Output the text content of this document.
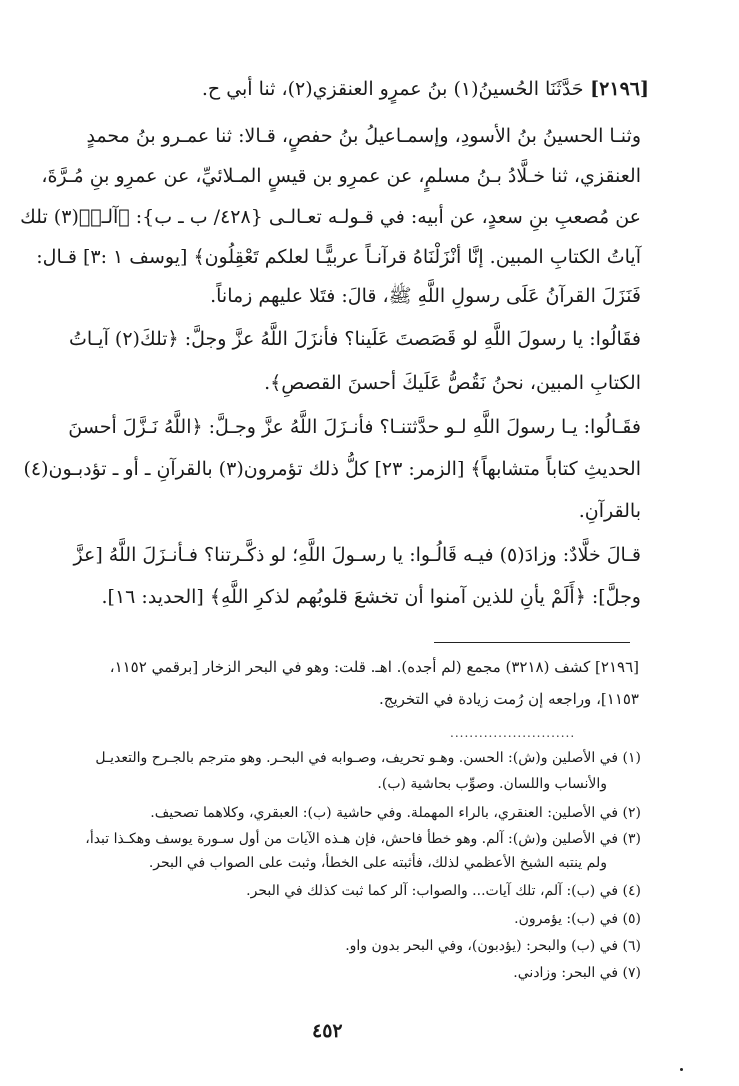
[٢١٩٦] حَدَّثَنَا الحُسينُ(١) بنُ عمرٍو العنقزي(٢)، ثنا أبي ح.
وثنـا الحسينُ بنُ الأسودِ، وإسمـاعيلُ بنُ حفصٍ، قـالا: ثنا عمـرو بنُ محمدٍ
العنقزي، ثنا خـلَّادُ بـنُ مسلمٍ، عن عمرِو بن قيسٍ المـلائيِّ، عن عمرِو بنِ مُـرَّةَ،
عن مُصعبِ بنِ سعدٍ، عن أبيه: في قـولـه تعـالـى {٤٢٨/ ب ـ ب}: ﴿آلـرۤ(٣) تلك
آياتُ الكتابِ المبين. إنَّا أنْزَلْنَاهُ قرآنـاً عربيًّـا لعلكم تَعْقِلُون﴾ [يوسف ١ :٣] قـال:
فَنَزَلَ القرآنُ عَلَى رسولِ اللَّهِ ﷺ، قالَ: فتَلا عليهم زماناً.
فقَالُوا: يا رسولَ اللَّهِ لو قَصَصتَ عَلَينا؟ فأنزَلَ اللَّهُ عزَّ وجلَّ: ﴿تلكَ(٢) آيـاتُ
الكتابِ المبين، نحنُ نَقُصُّ عَلَيكَ أحسنَ القصصِ﴾.
فقَـالُوا: يـا رسولَ اللَّهِ لـو حدَّثتنـا؟ فأنـزَلَ اللَّهُ عزَّ وجـلَّ: ﴿اللَّهُ نَـزَّلَ أحسنَ
الحديثِ كتاباً متشابهاً﴾ [الزمر: ٢٣] كلُّ ذلك تؤمرون(٣) بالقرآنِ ـ أو ـ تؤدبـون(٤)
بالقرآنِ.
قـالَ خلَّادٌ: وزادَ(٥) فيـه قَالُـوا: يا رسـولَ اللَّهِ؛ لو ذكَّـرتنا؟ فـأنـزَلَ اللَّهُ [عزَّ
وجلَّ]: ﴿أَلَمْ يأنِ للذين آمنوا أن تخشعَ قلوبُهم لذكرِ اللَّهِ﴾ [الحديد: ١٦].
[٢١٩٦] كشف (٣٢١٨) مجمع (لم أجده). اهـ. قلت: وهو في البحر الزخار [برقمي ١١٥٢،
١١٥٣]، وراجعه إن رُمت زيادة في التخريج.
..........................
(١) في الأصلين و(ش): الحسن. وهـو تحريف، وصـوابه في البحـر. وهو مترجم بالجـرح والتعديـل
والأنساب واللسان. وصوِّب بحاشية (ب).
(٢) في الأصلين: العنقري، بالراء المهملة. وفي حاشية (ب): العبقري، وكلاهما تصحيف.
(٣) في الأصلين و(ش): آلم. وهو خطأ فاحش، فإن هـذه الآيات من أول سـورة يوسف وهكـذا تبدأ،
ولم ينتبه الشيخ الأعظمي لذلك، فأثبته على الخطأ، وثبت على الصواب في البحر.
(٤) في (ب): آلم، تلك آيات... والصواب: آلر كما ثبت كذلك في البحر.
(٥) في (ب): يؤمرون.
(٦) في (ب) والبحر: (يؤدبون)، وفي البحر بدون واو.
(٧) في البحر: وزادني.
٤٥٢
